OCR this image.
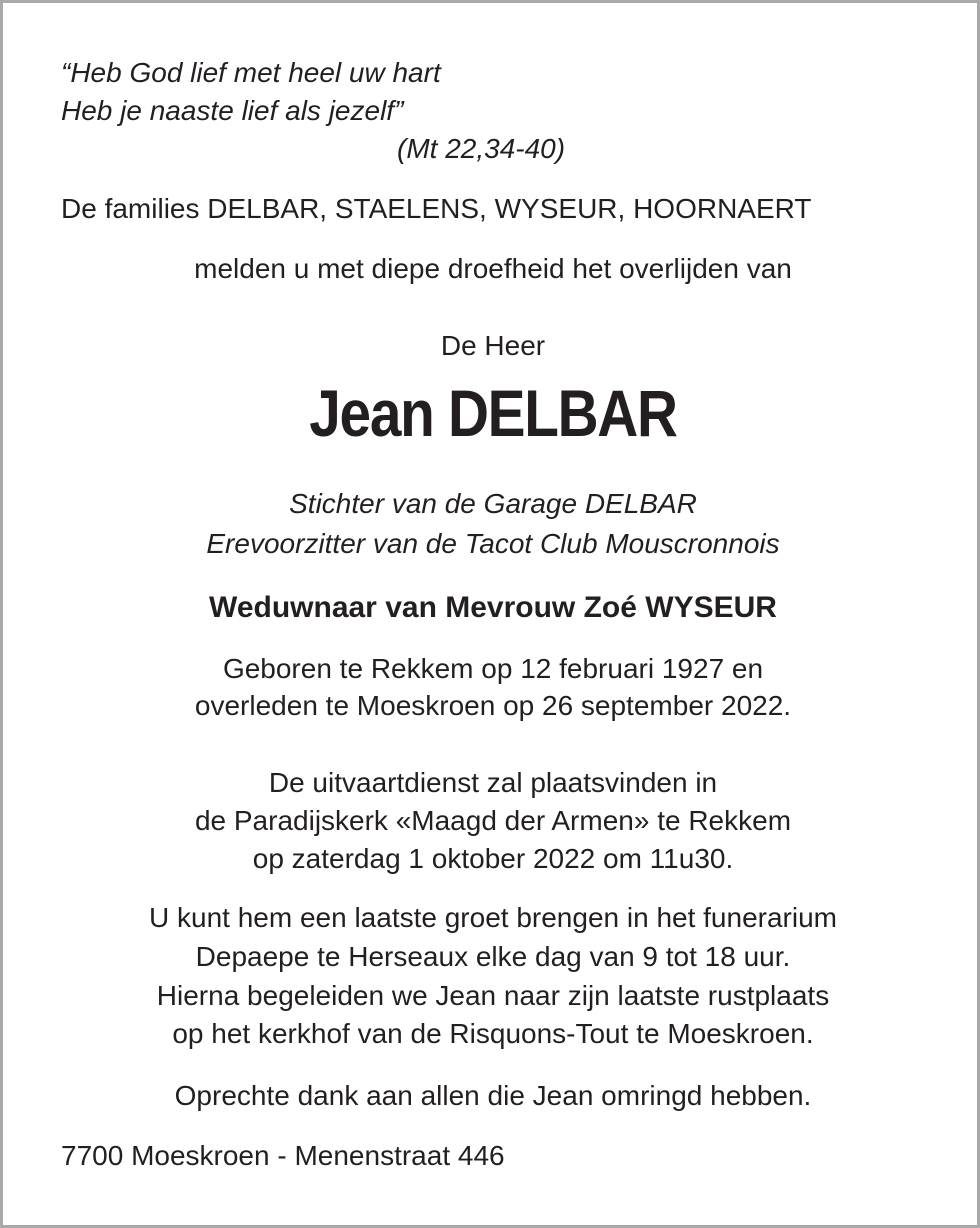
“Heb God lief met heel uw hart
Heb je naaste lief als jezelf”
(Mt 22,34-40)
De families DELBAR, STAELENS, WYSEUR, HOORNAERT
melden u met diepe droefheid het overlijden van
De Heer
Jean DELBAR
Stichter van de Garage DELBAR
Erevoorzitter van de Tacot Club Mouscronnois
Weduwnaar van Mevrouw Zoé WYSEUR
Geboren te Rekkem op 12 februari 1927 en
overleden te Moeskroen op 26 september 2022.
De uitvaartdienst zal plaatsvinden in
de Paradijskerk «Maagd der Armen» te Rekkem
op zaterdag 1 oktober 2022 om 11u30.
U kunt hem een laatste groet brengen in het funerarium
Depaepe te Herseaux elke dag van 9 tot 18 uur.
Hierna begeleiden we Jean naar zijn laatste rustplaats
op het kerkhof van de Risquons-Tout te Moeskroen.
Oprechte dank aan allen die Jean omringd hebben.
7700 Moeskroen - Menenstraat 446
